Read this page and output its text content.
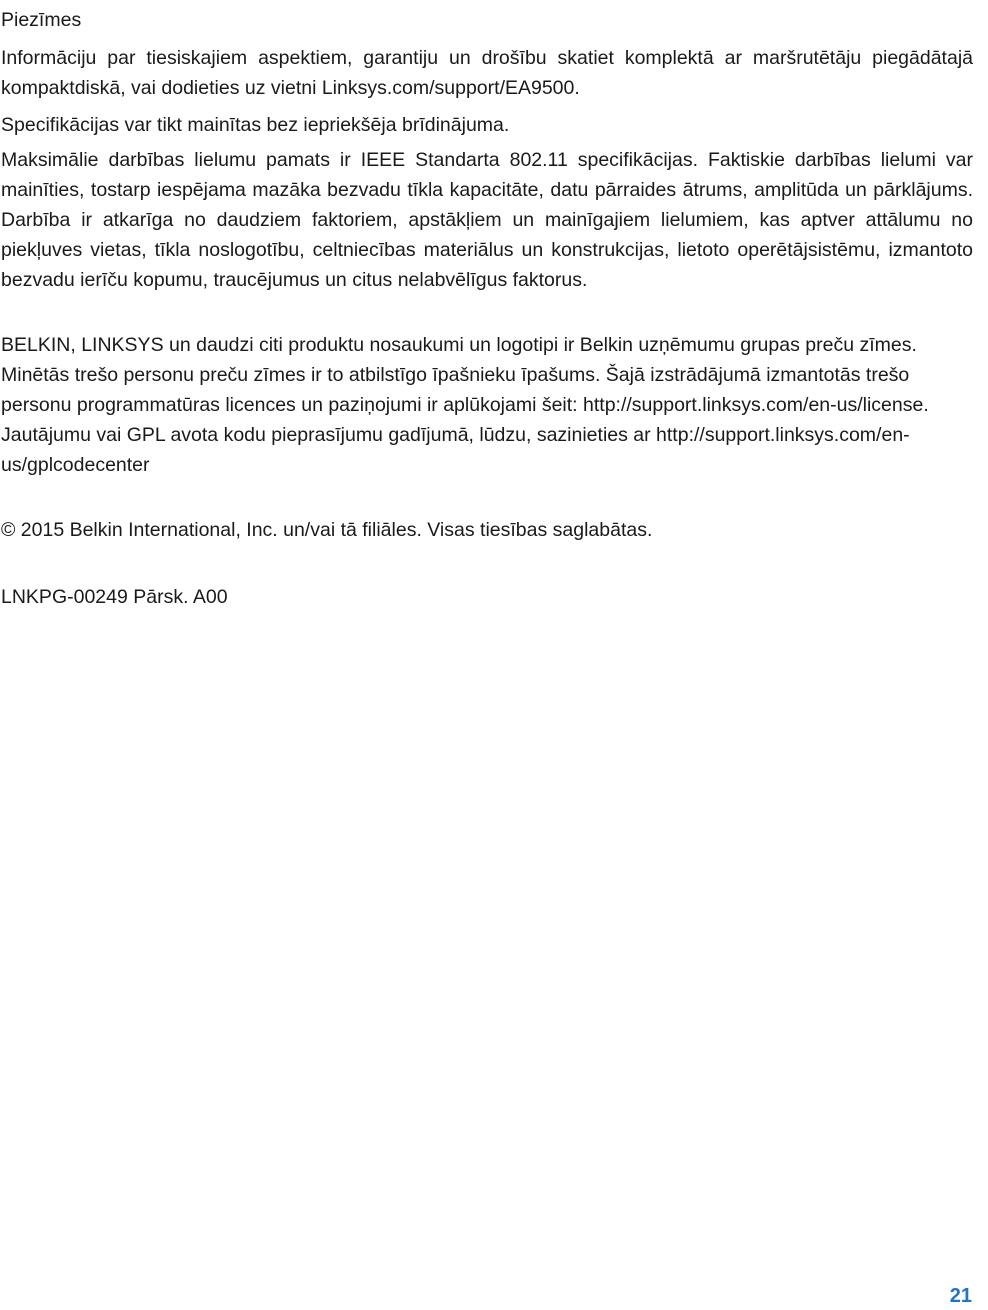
Piezīmes

Informāciju par tiesiskajiem aspektiem, garantiju un drošību skatiet komplektā ar maršrutētāju piegādātajā kompaktdiskā, vai dodieties uz vietni Linksys.com/support/EA9500.

Specifikācijas var tikt mainītas bez iepriekšēja brīdinājuma.

Maksimālie darbības lielumu pamats ir IEEE Standarta 802.11 specifikācijas. Faktiskie darbības lielumi var mainīties, tostarp iespējama mazāka bezvadu tīkla kapacitāte, datu pārraides ātrums, amplitūda un pārklājums. Darbība ir atkarīga no daudziem faktoriem, apstākļiem un mainīgajiem lielumiem, kas aptver attālumu no piekļuves vietas, tīkla noslogotību, celtniecības materiālus un konstrukcijas, lietoto operētājsistēmu, izmantoto bezvadu ierīču kopumu, traucējumus un citus nelabvēlīgus faktorus.

BELKIN, LINKSYS un daudzi citi produktu nosaukumi un logotipi ir Belkin uzņēmumu grupas preču zīmes. Minētās trešo personu preču zīmes ir to atbilstīgo īpašnieku īpašums. Šajā izstrādājumā izmantotās trešo personu programmatūras licences un paziņojumi ir aplūkojami šeit: http://support.linksys.com/en-us/license. Jautājumu vai GPL avota kodu pieprasījumu gadījumā, lūdzu, sazinieties ar http://support.linksys.com/en-us/gplcodecenter

© 2015 Belkin International, Inc. un/vai tā filiāles. Visas tiesības saglabātas.

LNKPG-00249 Pārsk. A00

21
